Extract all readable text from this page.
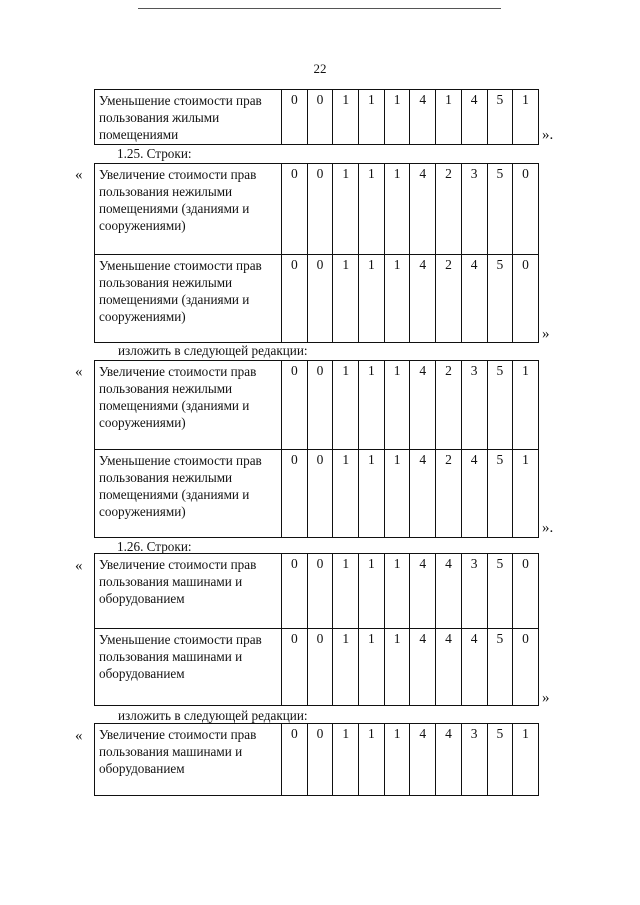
22
Уменьшение стоимости прав пользования жилыми помещениями	0	0	1	1	1	4	1	4	5	1
».
1.25. Строки:
« Увеличение стоимости прав пользования нежилыми помещениями (зданиями и сооружениями)	0	0	1	1	1	4	2	3	5	0
Уменьшение стоимости прав пользования нежилыми помещениями (зданиями и сооружениями)	0	0	1	1	1	4	2	4	5	0
»
изложить в следующей редакции:
« Увеличение стоимости прав пользования нежилыми помещениями (зданиями и сооружениями)	0	0	1	1	1	4	2	3	5	1
Уменьшение стоимости прав пользования нежилыми помещениями (зданиями и сооружениями)	0	0	1	1	1	4	2	4	5	1
».
1.26. Строки:
« Увеличение стоимости прав пользования машинами и оборудованием	0	0	1	1	1	4	4	3	5	0
Уменьшение стоимости прав пользования машинами и оборудованием	0	0	1	1	1	4	4	4	5	0
»
изложить в следующей редакции:
« Увеличение стоимости прав пользования машинами и оборудованием	0	0	1	1	1	4	4	3	5	1
